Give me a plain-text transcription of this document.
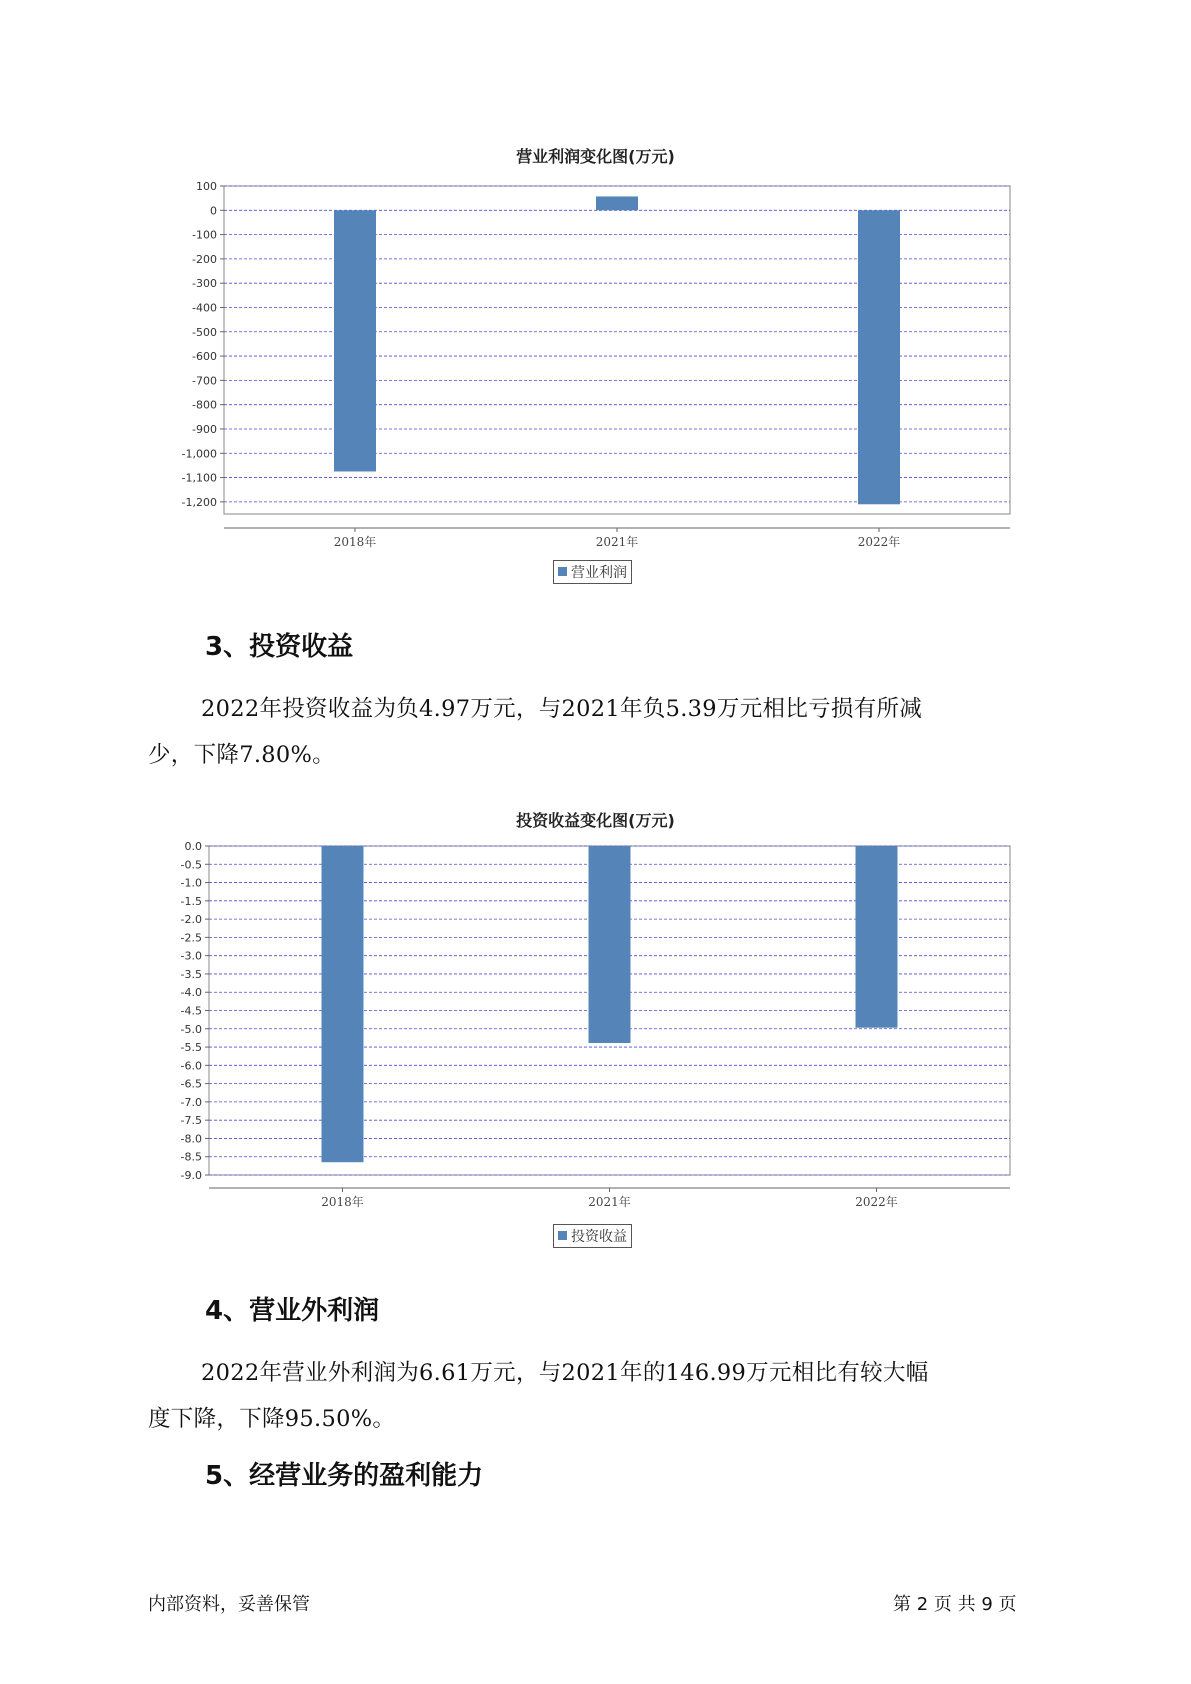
营业利润变化图(万元)
100
0
-100
-200
-300
-400
-500
-600
-700
-800
-900
-1,000
-1,100
-1,200
2018年	2021年	2022年
营业利润
3、投资收益
2022年投资收益为负4.97万元，与2021年负5.39万元相比亏损有所减
少，下降7.80%。
投资收益变化图(万元)
0.0
-0.5
-1.0
-1.5
-2.0
-2.5
-3.0
-3.5
-4.0
-4.5
-5.0
-5.5
-6.0
-6.5
-7.0
-7.5
-8.0
-8.5
-9.0
2018年	2021年	2022年
投资收益
4、营业外利润
2022年营业外利润为6.61万元，与2021年的146.99万元相比有较大幅
度下降，下降95.50%。
5、经营业务的盈利能力
内部资料，妥善保管	第 2 页 共 9 页
